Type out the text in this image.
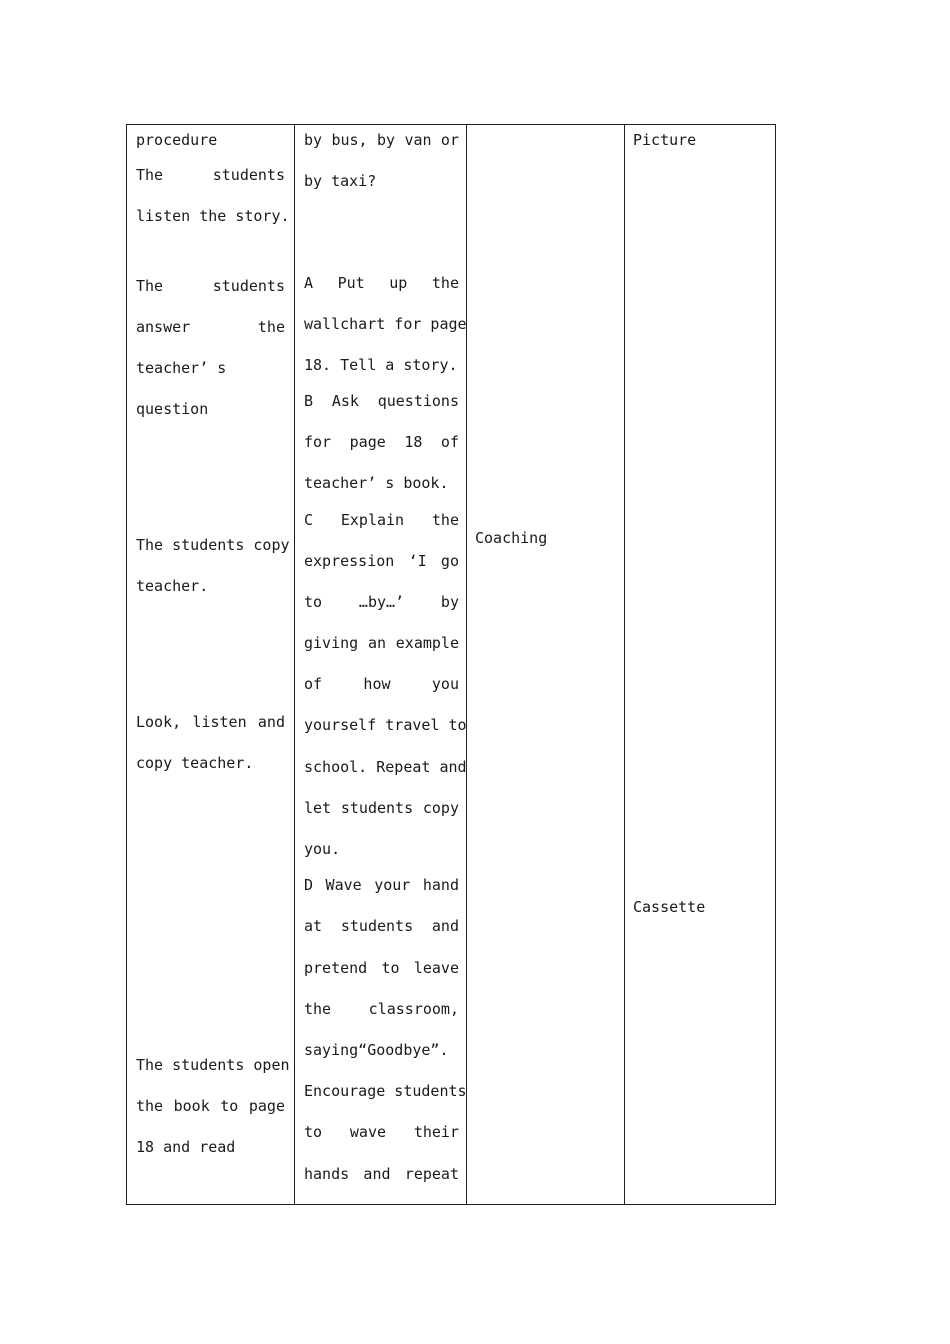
procedure
The students
listen the story.
The students
answer the
teacher’ s
question
The students copy
teacher.
Look, listen and
copy teacher.
The students open
the book to page
18 and read
by bus, by van or
by taxi?
A Put up the
wallchart for page
18. Tell a story.
B Ask questions
for page 18 of
teacher’ s book.
C Explain the
expression ‘I go
to …by…’ by
giving an example
of how you
yourself travel to
school. Repeat and
let students copy
you.
D Wave your hand
at students and
pretend to leave
the classroom,
saying“Goodbye”.
Encourage students
to wave their
hands and repeat
Coaching
Picture
Cassette
